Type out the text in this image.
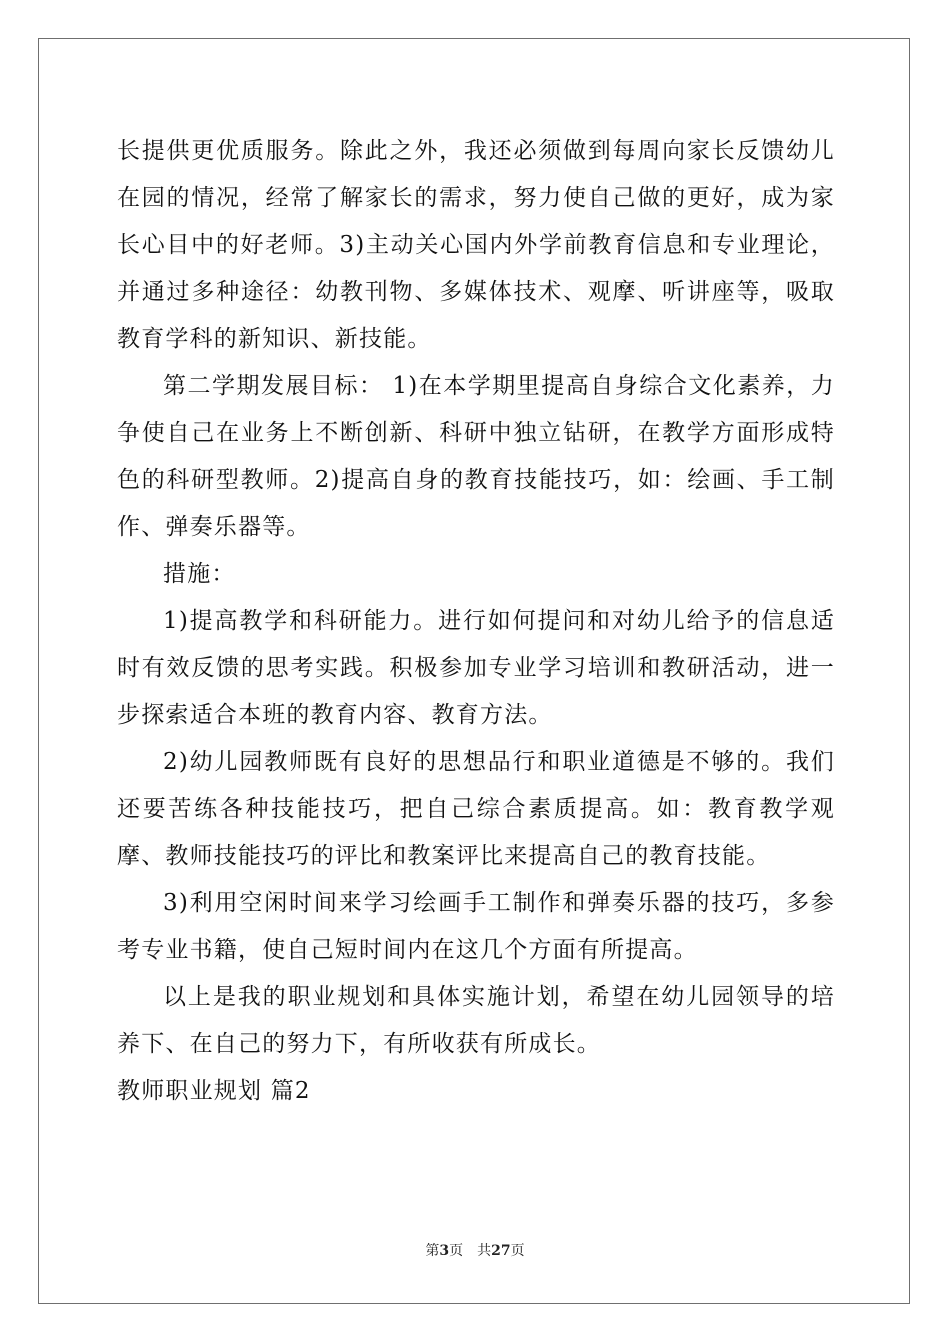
长提供更优质服务。除此之外，我还必须做到每周向家长反馈幼儿在园的情况，经常了解家长的需求，努力使自己做的更好，成为家长心目中的好老师。3)主动关心国内外学前教育信息和专业理论，并通过多种途径：幼教刊物、多媒体技术、观摩、听讲座等，吸取教育学科的新知识、新技能。

第二学期发展目标： 1)在本学期里提高自身综合文化素养，力争使自己在业务上不断创新、科研中独立钻研，在教学方面形成特色的科研型教师。2)提高自身的教育技能技巧，如：绘画、手工制作、弹奏乐器等。

措施：

1)提高教学和科研能力。进行如何提问和对幼儿给予的信息适时有效反馈的思考实践。积极参加专业学习培训和教研活动，进一步探索适合本班的教育内容、教育方法。

2)幼儿园教师既有良好的思想品行和职业道德是不够的。我们还要苦练各种技能技巧，把自己综合素质提高。如：教育教学观摩、教师技能技巧的评比和教案评比来提高自己的教育技能。

3)利用空闲时间来学习绘画手工制作和弹奏乐器的技巧，多参考专业书籍，使自己短时间内在这几个方面有所提高。

以上是我的职业规划和具体实施计划，希望在幼儿园领导的培养下、在自己的努力下，有所收获有所成长。

教师职业规划 篇2

第3页 共27页
